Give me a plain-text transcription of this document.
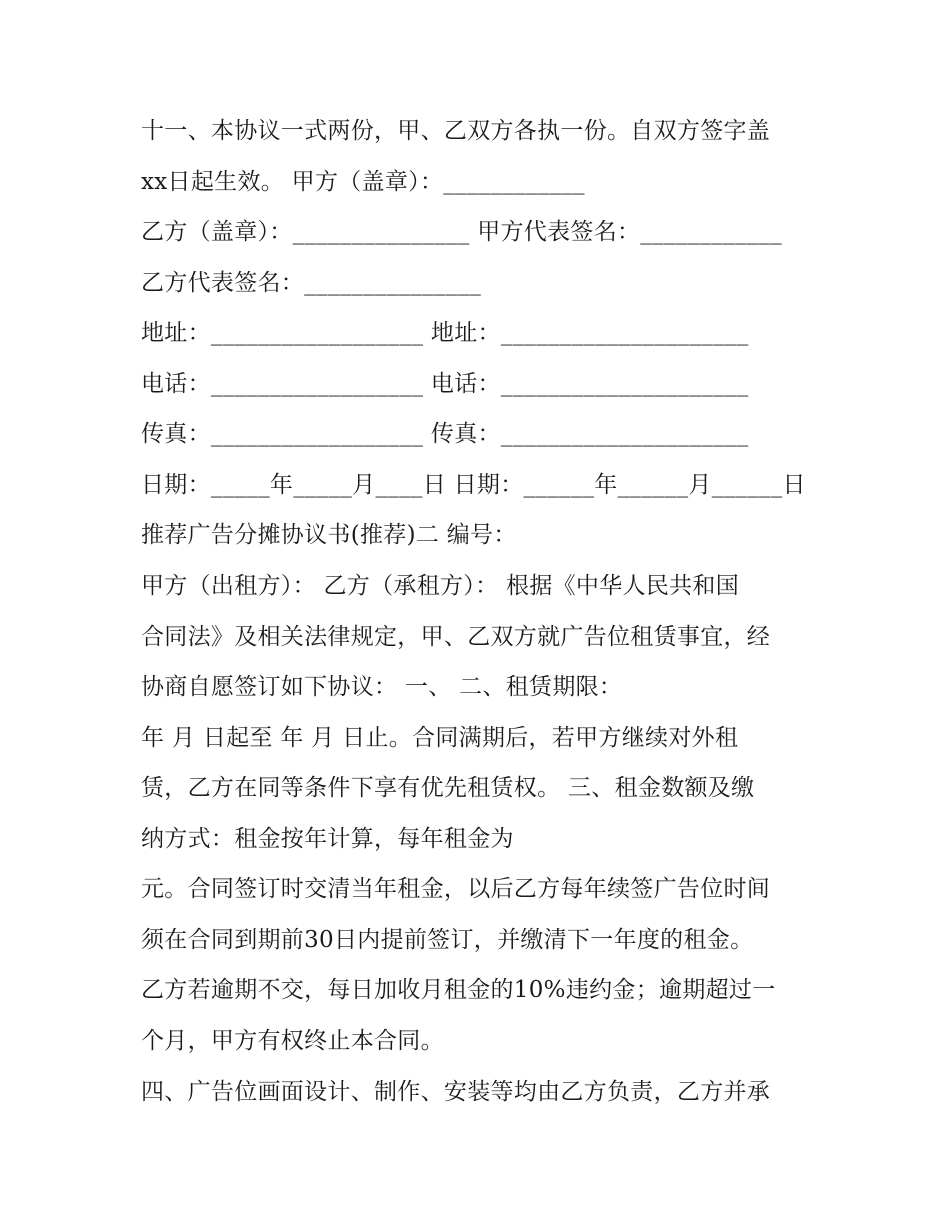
十一、本协议一式两份，甲、乙双方各执一份。自双方签字盖
xx日起生效。 甲方（盖章）：____________
乙方（盖章）：_______________ 甲方代表签名：____________
乙方代表签名：_______________
地址：__________________ 地址：_____________________
电话：__________________ 电话：_____________________
传真：__________________ 传真：_____________________
日期：_____年_____月____日 日期：______年______月______日
推荐广告分摊协议书(推荐)二 编号：
甲方（出租方）： 乙方（承租方）： 根据《中华人民共和国
合同法》及相关法律规定，甲、乙双方就广告位租赁事宜，经
协商自愿签订如下协议： 一、 二、租赁期限：
年 月 日起至 年 月 日止。合同满期后，若甲方继续对外租
赁，乙方在同等条件下享有优先租赁权。 三、租金数额及缴
纳方式：租金按年计算，每年租金为
元。合同签订时交清当年租金，以后乙方每年续签广告位时间
须在合同到期前30日内提前签订，并缴清下一年度的租金。
乙方若逾期不交，每日加收月租金的10%违约金；逾期超过一
个月，甲方有权终止本合同。
四、广告位画面设计、制作、安装等均由乙方负责，乙方并承
